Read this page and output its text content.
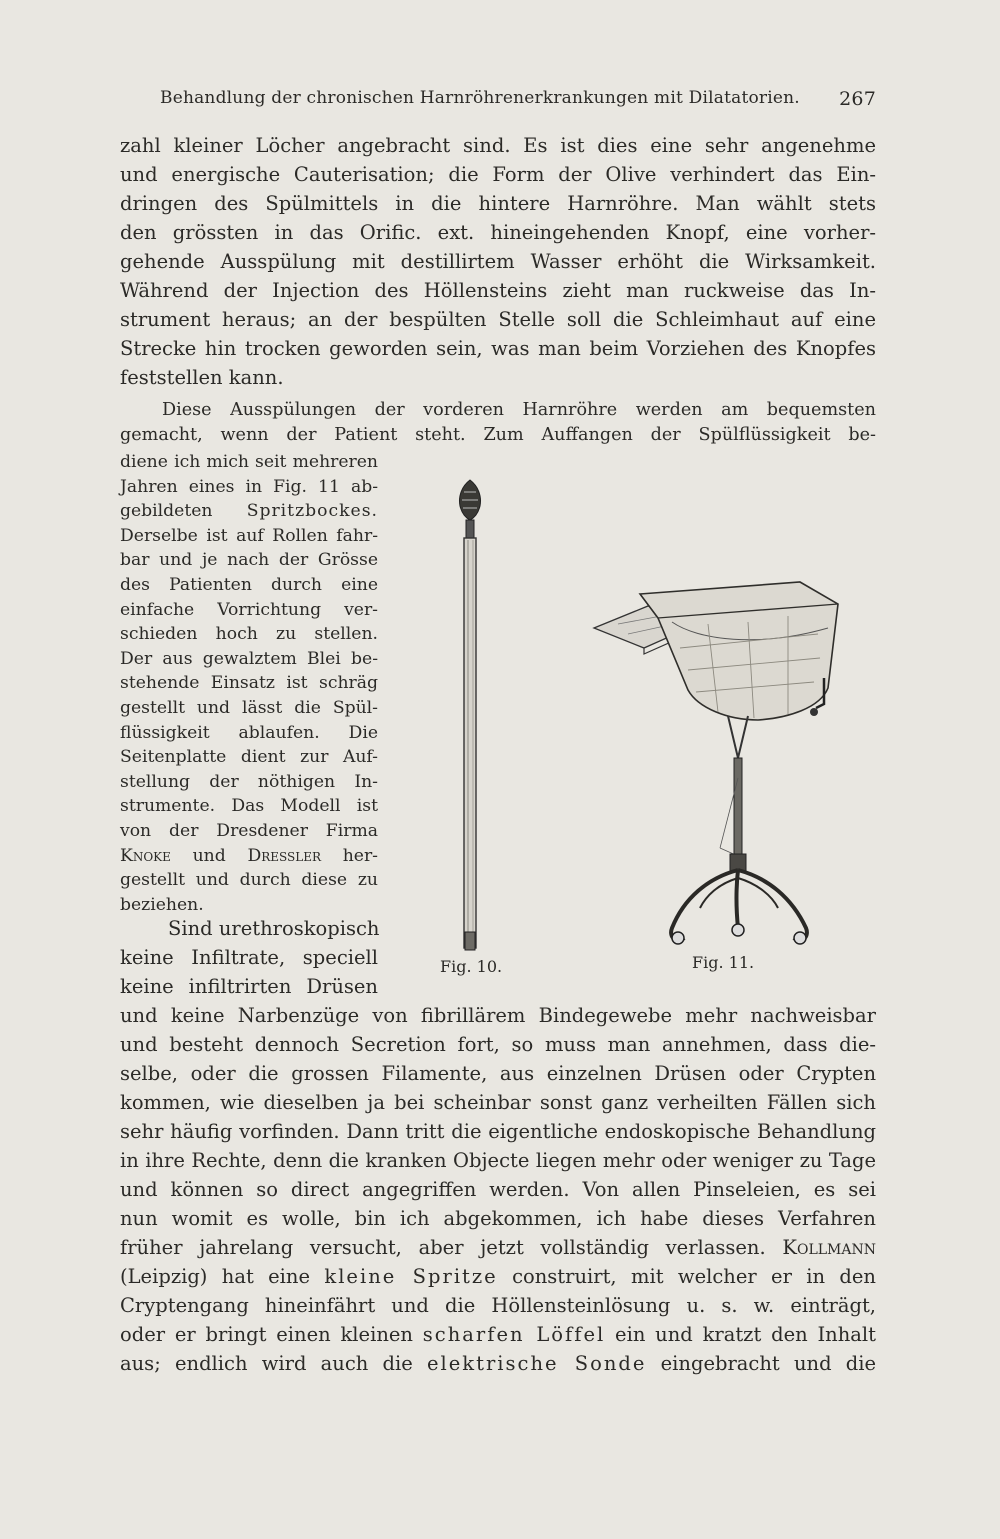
Behandlung der chronischen Harnröhrenerkrankungen mit Dilatatorien. 267
zahl kleiner Löcher angebracht sind. Es ist dies eine sehr angenehme
und energische Cauterisation; die Form der Olive verhindert das Ein-
dringen des Spülmittels in die hintere Harnröhre. Man wählt stets
den grössten in das Orific. ext. hineingehenden Knopf, eine vorher-
gehende Ausspülung mit destillirtem Wasser erhöht die Wirksamkeit.
Während der Injection des Höllensteins zieht man ruckweise das In-
strument heraus; an der bespülten Stelle soll die Schleimhaut auf eine
Strecke hin trocken geworden sein, was man beim Vorziehen des Knopfes
feststellen kann.
Diese Ausspülungen der vorderen Harnröhre werden am bequemsten
gemacht, wenn der Patient steht. Zum Auffangen der Spülflüssigkeit be-
diene ich mich seit mehreren
Jahren eines in Fig. 11 ab-
gebildeten Spritzbockes.
Derselbe ist auf Rollen fahr-
bar und je nach der Grösse
des Patienten durch eine
einfache Vorrichtung ver-
schieden hoch zu stellen.
Der aus gewalztem Blei be-
stehende Einsatz ist schräg
gestellt und lässt die Spül-
flüssigkeit ablaufen. Die
Seitenplatte dient zur Auf-
stellung der nöthigen In-
strumente. Das Modell ist
von der Dresdener Firma
Knoke und Dressler her-
gestellt und durch diese zu
beziehen.
Sind urethroskopisch
keine Infiltrate, speciell
keine infiltrirten Drüsen
und keine Narbenzüge von fibrillärem Bindegewebe mehr nachweisbar
und besteht dennoch Secretion fort, so muss man annehmen, dass die-
selbe, oder die grossen Filamente, aus einzelnen Drüsen oder Crypten
kommen, wie dieselben ja bei scheinbar sonst ganz verheilten Fällen sich
sehr häufig vorfinden. Dann tritt die eigentliche endoskopische Behandlung
in ihre Rechte, denn die kranken Objecte liegen mehr oder weniger zu Tage
und können so direct angegriffen werden. Von allen Pinseleien, es sei
nun womit es wolle, bin ich abgekommen, ich habe dieses Verfahren
früher jahrelang versucht, aber jetzt vollständig verlassen. Kollmann
(Leipzig) hat eine kleine Spritze construirt, mit welcher er in den
Cryptengang hineinfährt und die Höllensteinlösung u. s. w. einträgt,
oder er bringt einen kleinen scharfen Löffel ein und kratzt den Inhalt
aus; endlich wird auch die elektrische Sonde eingebracht und die
Fig. 10.	Fig. 11.
